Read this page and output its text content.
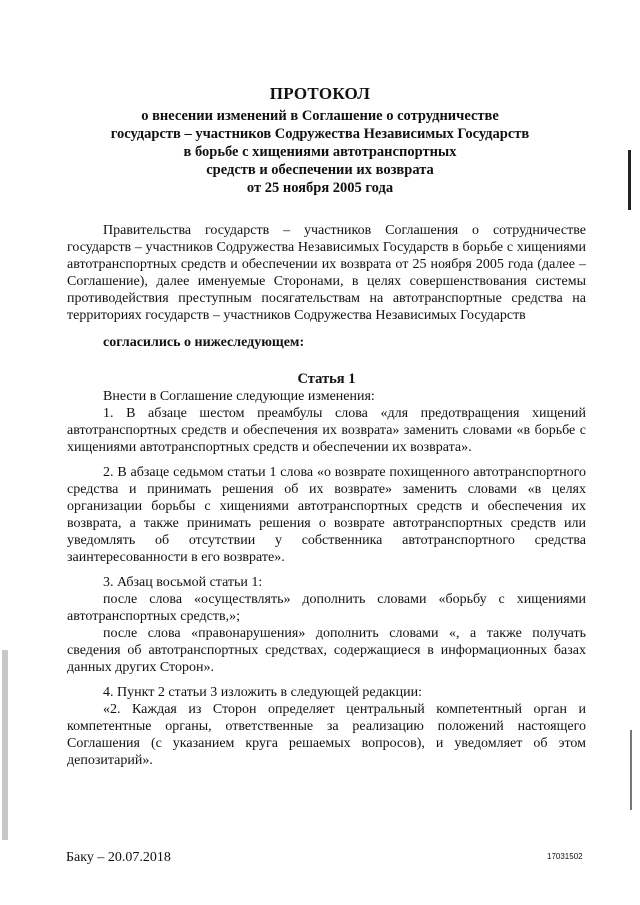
ПРОТОКОЛ
о внесении изменений в Соглашение о сотрудничестве
государств – участников Содружества Независимых Государств
в борьбе с хищениями автотранспортных
средств и обеспечении их возврата
от 25 ноября 2005 года

Правительства государств – участников Соглашения о сотрудничестве государств – участников Содружества Независимых Государств в борьбе с хищениями автотранспортных средств и обеспечении их возврата от 25 ноября 2005 года (далее – Соглашение), далее именуемые Сторонами, в целях совершенствования системы противодействия преступным посягательствам на автотранспортные средства на территориях государств – участников Содружества Независимых Государств

согласились о нижеследующем:

Статья 1

Внести в Соглашение следующие изменения:

1. В абзаце шестом преамбулы слова «для предотвращения хищений автотранспортных средств и обеспечения их возврата» заменить словами «в борьбе с хищениями автотранспортных средств и обеспечении их возврата».

2. В абзаце седьмом статьи 1 слова «о возврате похищенного автотранспортного средства и принимать решения об их возврате» заменить словами «в целях организации борьбы с хищениями автотранспортных средств и обеспечения их возврата, а также принимать решения о возврате автотранспортных средств или уведомлять об отсутствии у собственника автотранспортного средства заинтересованности в его возврате».

3. Абзац восьмой статьи 1:

после слова «осуществлять» дополнить словами «борьбу с хищениями автотранспортных средств,»;

после слова «правонарушения» дополнить словами «, а также получать сведения об автотранспортных средствах, содержащиеся в информационных базах данных других Сторон».

4. Пункт 2 статьи 3 изложить в следующей редакции:

«2. Каждая из Сторон определяет центральный компетентный орган и компетентные органы, ответственные за реализацию положений настоящего Соглашения (с указанием круга решаемых вопросов), и уведомляет об этом депозитарий».

Баку – 20.07.2018	17031502
